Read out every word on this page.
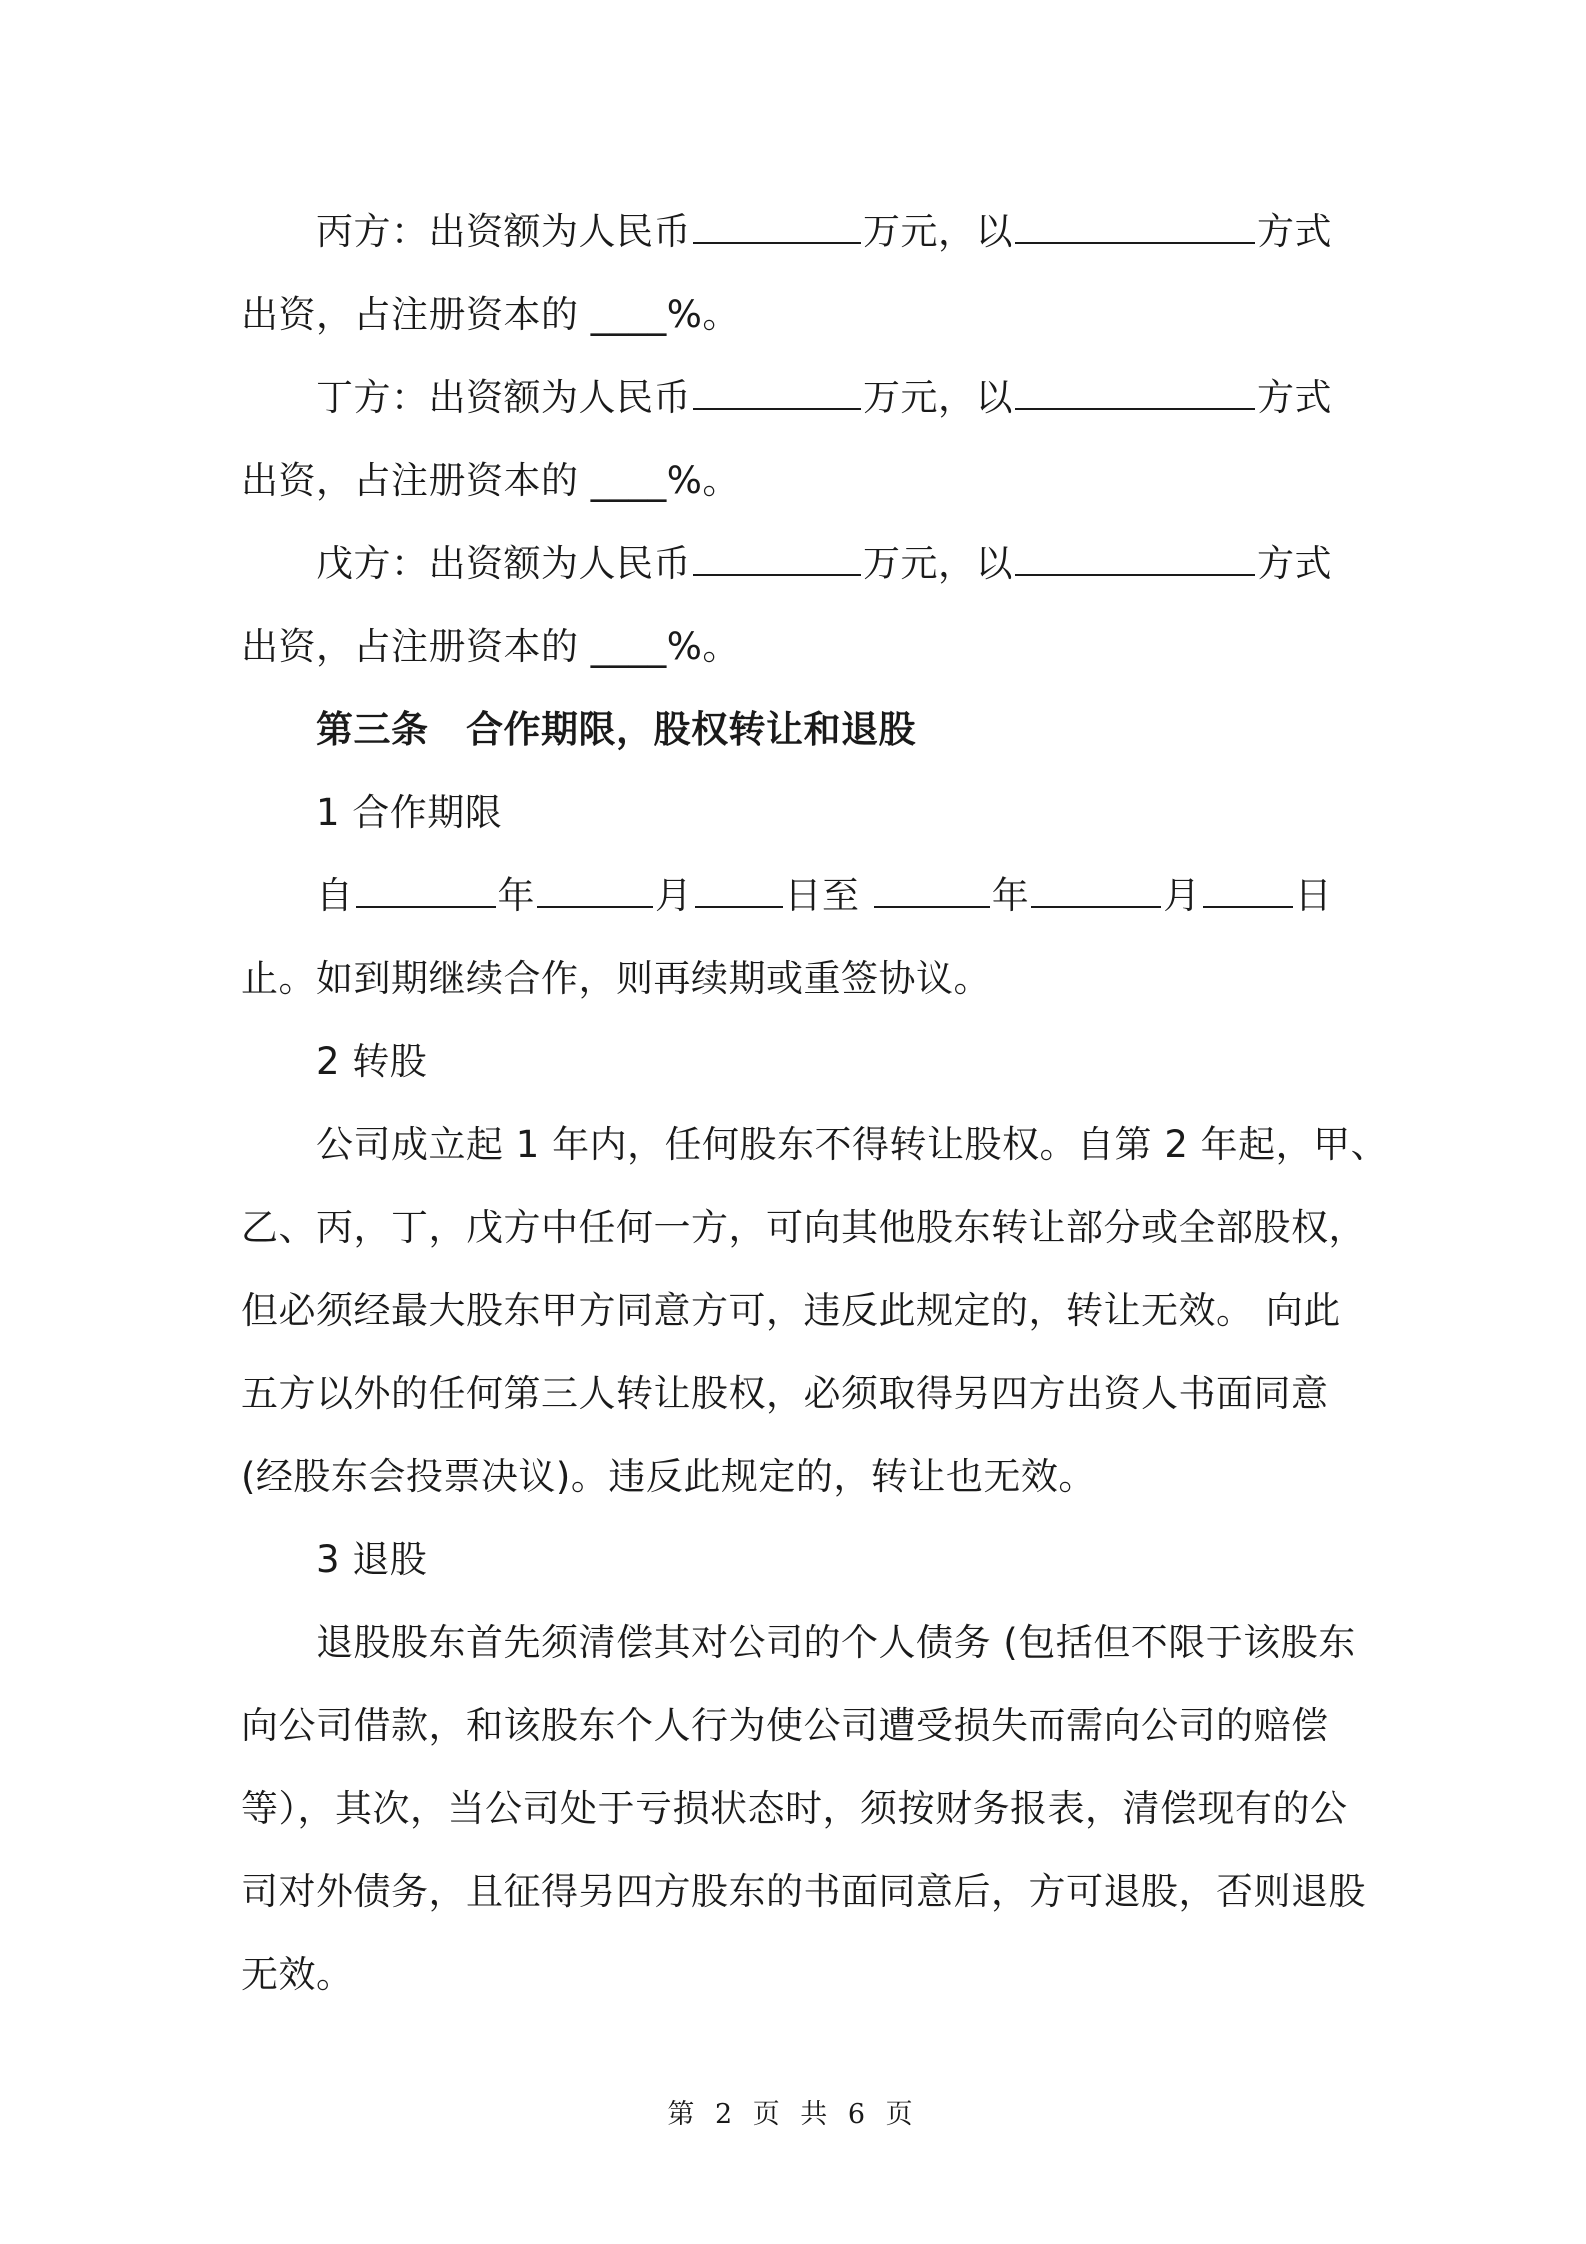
丙方：出资额为人民币	万元，以	方式
出资，占注册资本的 ____%。
丁方：出资额为人民币	万元，以	方式
出资，占注册资本的 ____%。
戊方：出资额为人民币	万元，以	方式
出资，占注册资本的 ____%。
第三条　合作期限，股权转让和退股
1 合作期限
自	年	月 日至	年	月	日
止。如到期继续合作，则再续期或重签协议。
2 转股
公司成立起 1 年内，任何股东不得转让股权。自第 2 年起，甲、
乙、丙，丁，戊方中任何一方，可向其他股东转让部分或全部股权，
但必须经最大股东甲方同意方可，违反此规定的，转让无效。 向此
五方以外的任何第三人转让股权，必须取得另四方出资人书面同意
(经股东会投票决议)。违反此规定的，转让也无效。
3 退股
退股股东首先须清偿其对公司的个人债务 (包括但不限于该股东
向公司借款，和该股东个人行为使公司遭受损失而需向公司的赔偿
等），其次，当公司处于亏损状态时，须按财务报表，清偿现有的公
司对外债务，且征得另四方股东的书面同意后，方可退股，否则退股
无效。
第 2 页 共 6 页
